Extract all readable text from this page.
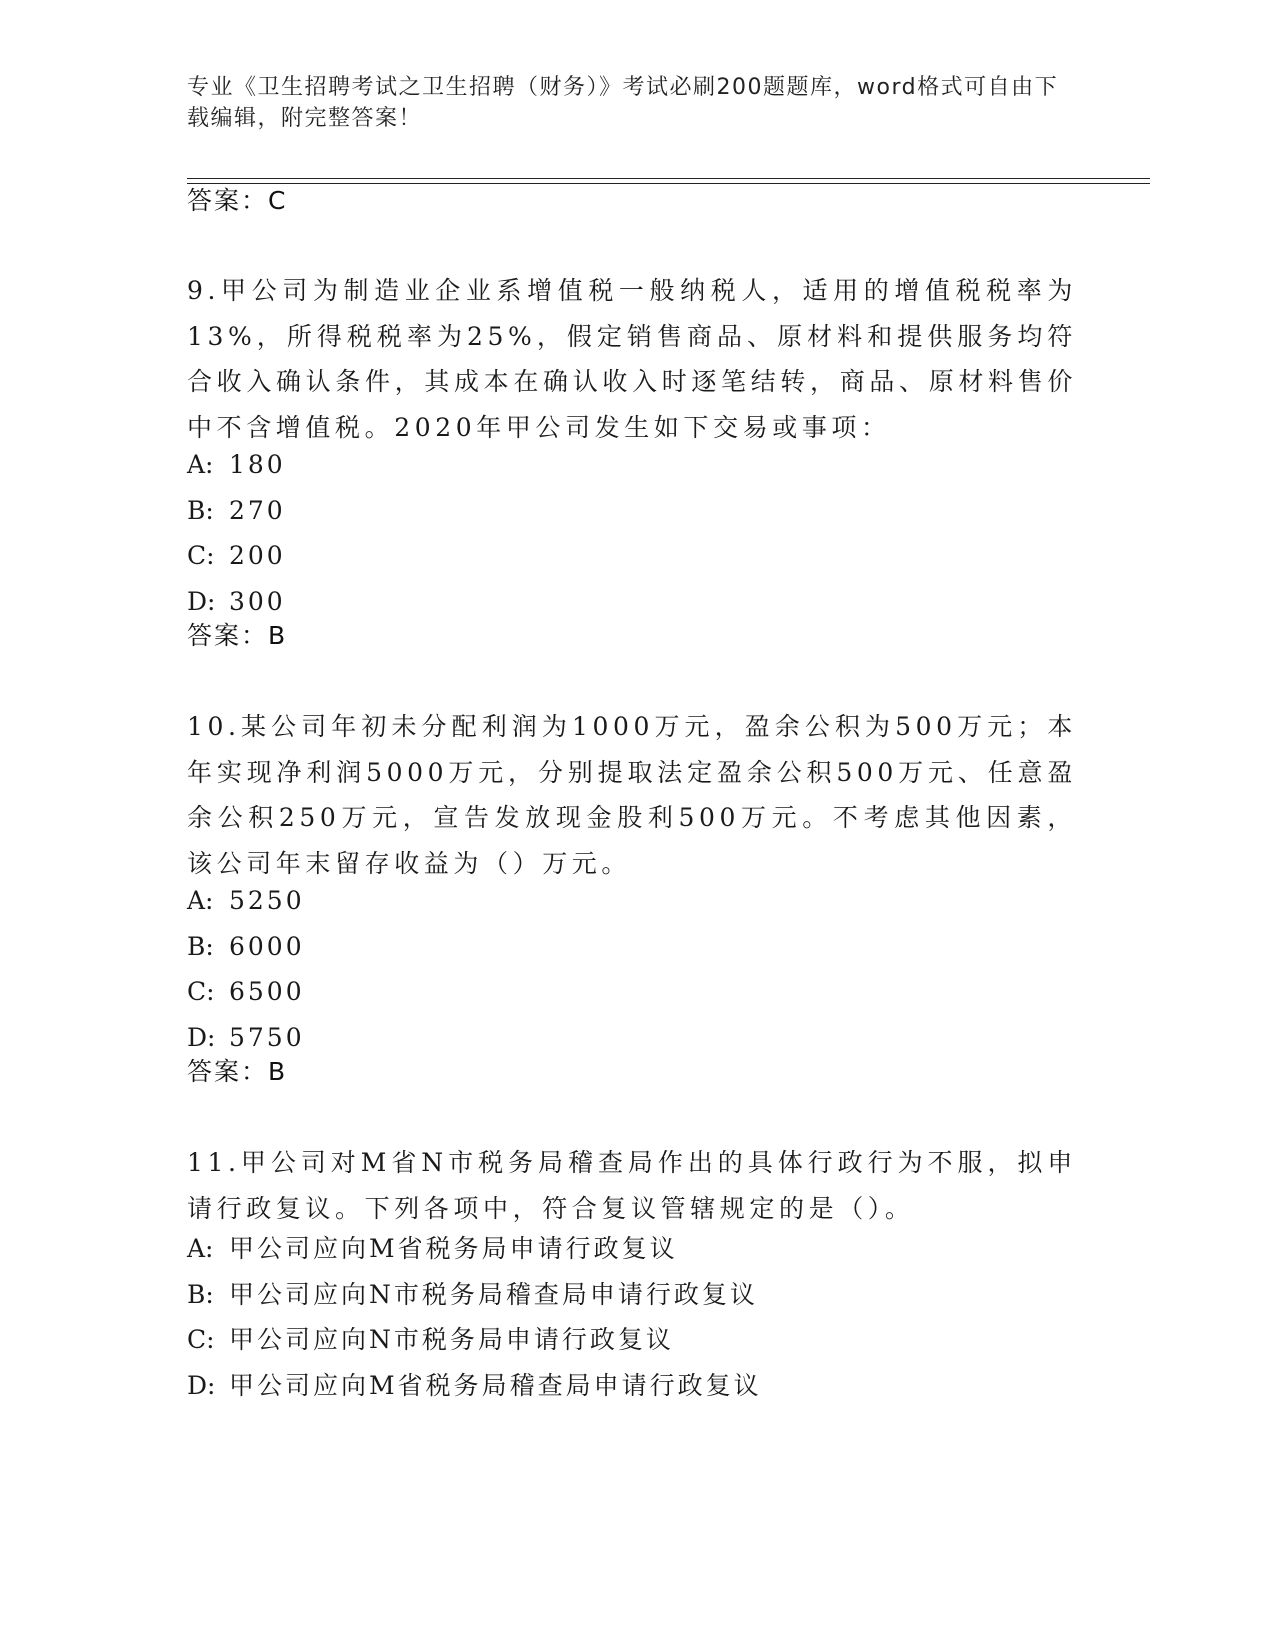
专业《卫生招聘考试之卫生招聘（财务）》考试必刷200题题库，word格式可自由下载编辑，附完整答案！
答案：C
9.甲公司为制造业企业系增值税一般纳税人，适用的增值税税率为13%，所得税税率为25%，假定销售商品、原材料和提供服务均符合收入确认条件，其成本在确认收入时逐笔结转，商品、原材料售价中不含增值税。2020年甲公司发生如下交易或事项：
A: 180
B: 270
C: 200
D: 300
答案：B
10.某公司年初未分配利润为1000万元，盈余公积为500万元；本年实现净利润5000万元，分别提取法定盈余公积500万元、任意盈余公积250万元，宣告发放现金股利500万元。不考虑其他因素，该公司年末留存收益为（）万元。
A: 5250
B: 6000
C: 6500
D: 5750
答案：B
11.甲公司对M省N市税务局稽查局作出的具体行政行为不服，拟申请行政复议。下列各项中，符合复议管辖规定的是（）。
A: 甲公司应向M省税务局申请行政复议
B: 甲公司应向N市税务局稽查局申请行政复议
C: 甲公司应向N市税务局申请行政复议
D: 甲公司应向M省税务局稽查局申请行政复议
